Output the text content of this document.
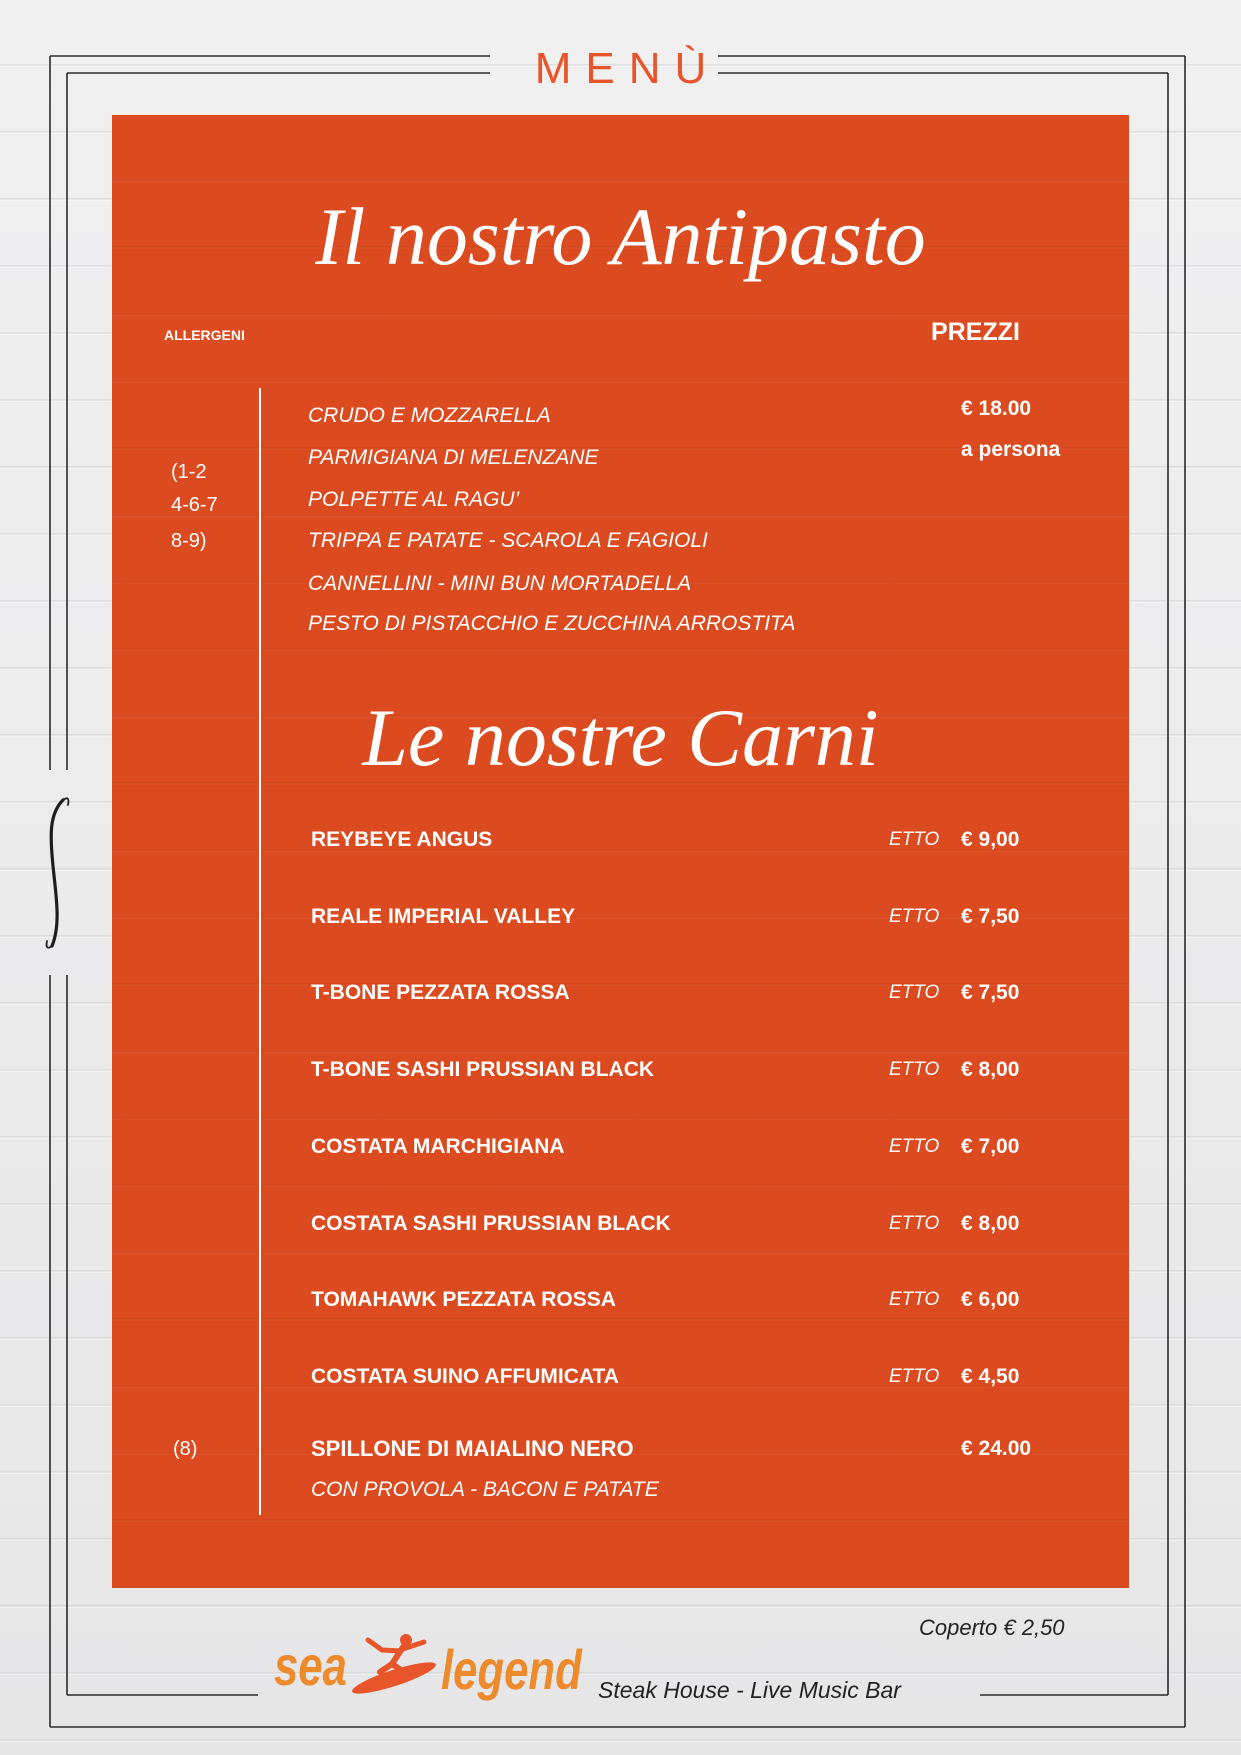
MENÙ
Il nostro Antipasto
ALLERGENI	PREZZI
(1-2
4-6-7
8-9)
CRUDO E MOZZARELLA
PARMIGIANA DI MELENZANE
POLPETTE AL RAGU’
TRIPPA E PATATE - SCAROLA E FAGIOLI
CANNELLINI - MINI BUN MORTADELLA
PESTO DI PISTACCHIO E ZUCCHINA ARROSTITA
€ 18.00
a persona
Le nostre Carni
REYBEYE ANGUS	ETTO € 9,00
REALE IMPERIAL VALLEY	ETTO € 7,50
T-BONE PEZZATA ROSSA	ETTO € 7,50
T-BONE SASHI PRUSSIAN BLACK	ETTO € 8,00
COSTATA MARCHIGIANA	ETTO € 7,00
COSTATA SASHI PRUSSIAN BLACK	ETTO € 8,00
TOMAHAWK PEZZATA ROSSA	ETTO € 6,00
COSTATA SUINO AFFUMICATA	ETTO € 4,50
(8)	SPILLONE DI MAIALINO NERO	€ 24.00
CON PROVOLA - BACON E PATATE
Coperto € 2,50
sea legend Steak House - Live Music Bar
